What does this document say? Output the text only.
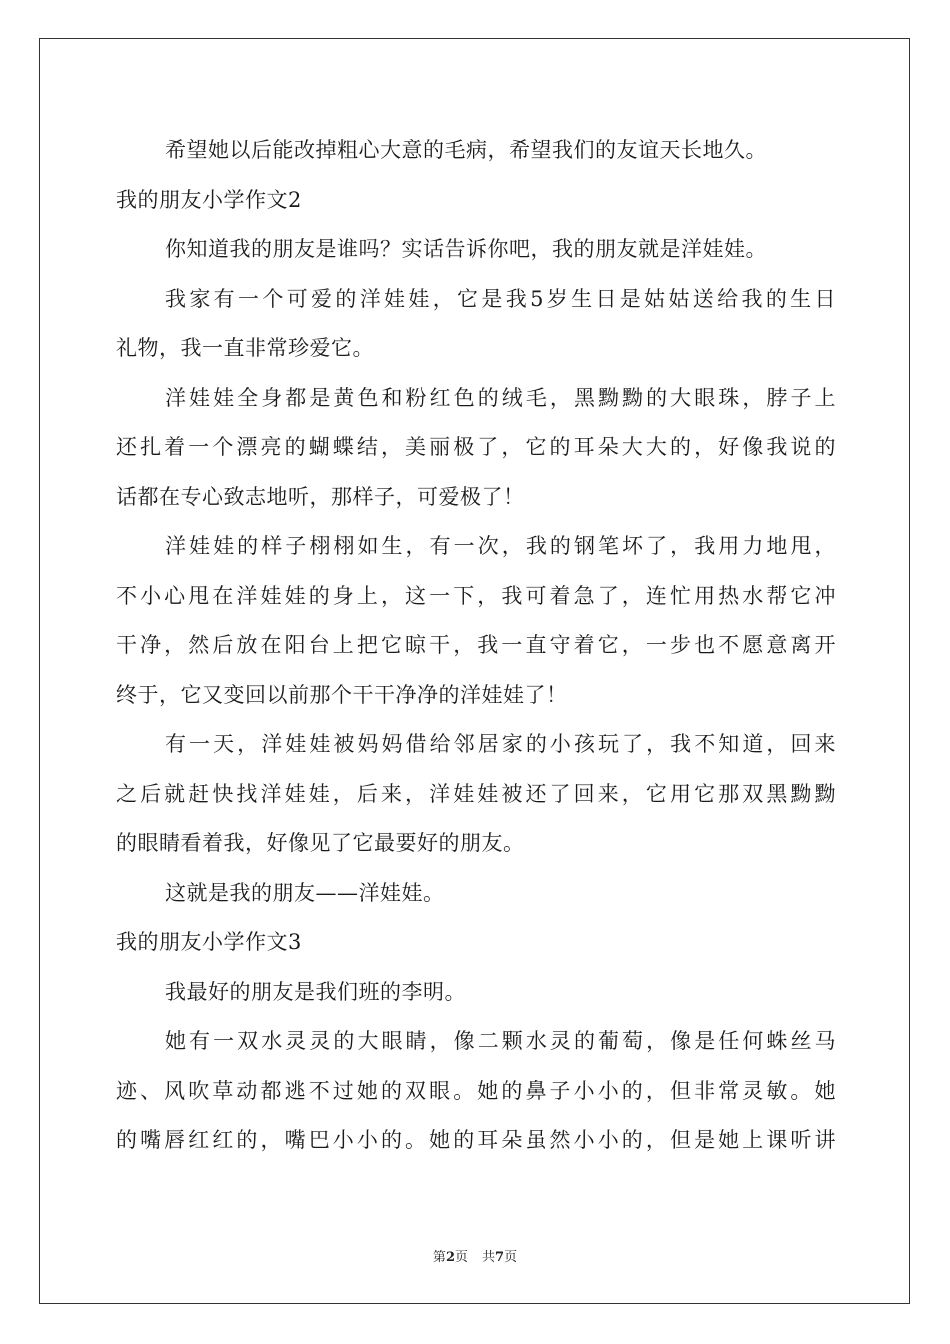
希望她以后能改掉粗心大意的毛病，希望我们的友谊天长地久。
我的朋友小学作文2
你知道我的朋友是谁吗？实话告诉你吧，我的朋友就是洋娃娃。
我家有一个可爱的洋娃娃，它是我5岁生日是姑姑送给我的生日
礼物，我一直非常珍爱它。
洋娃娃全身都是黄色和粉红色的绒毛，黑黝黝的大眼珠，脖子上
还扎着一个漂亮的蝴蝶结，美丽极了，它的耳朵大大的，好像我说的
话都在专心致志地听，那样子，可爱极了！
洋娃娃的样子栩栩如生，有一次，我的钢笔坏了，我用力地甩，
不小心甩在洋娃娃的身上，这一下，我可着急了，连忙用热水帮它冲
干净，然后放在阳台上把它晾干，我一直守着它，一步也不愿意离开
终于，它又变回以前那个干干净净的洋娃娃了！
有一天，洋娃娃被妈妈借给邻居家的小孩玩了，我不知道，回来
之后就赶快找洋娃娃，后来，洋娃娃被还了回来，它用它那双黑黝黝
的眼睛看着我，好像见了它最要好的朋友。
这就是我的朋友——洋娃娃。
我的朋友小学作文3
我最好的朋友是我们班的李明。
她有一双水灵灵的大眼睛，像二颗水灵的葡萄，像是任何蛛丝马
迹、风吹草动都逃不过她的双眼。她的鼻子小小的，但非常灵敏。她
的嘴唇红红的，嘴巴小小的。她的耳朵虽然小小的，但是她上课听讲
第2页 共7页
